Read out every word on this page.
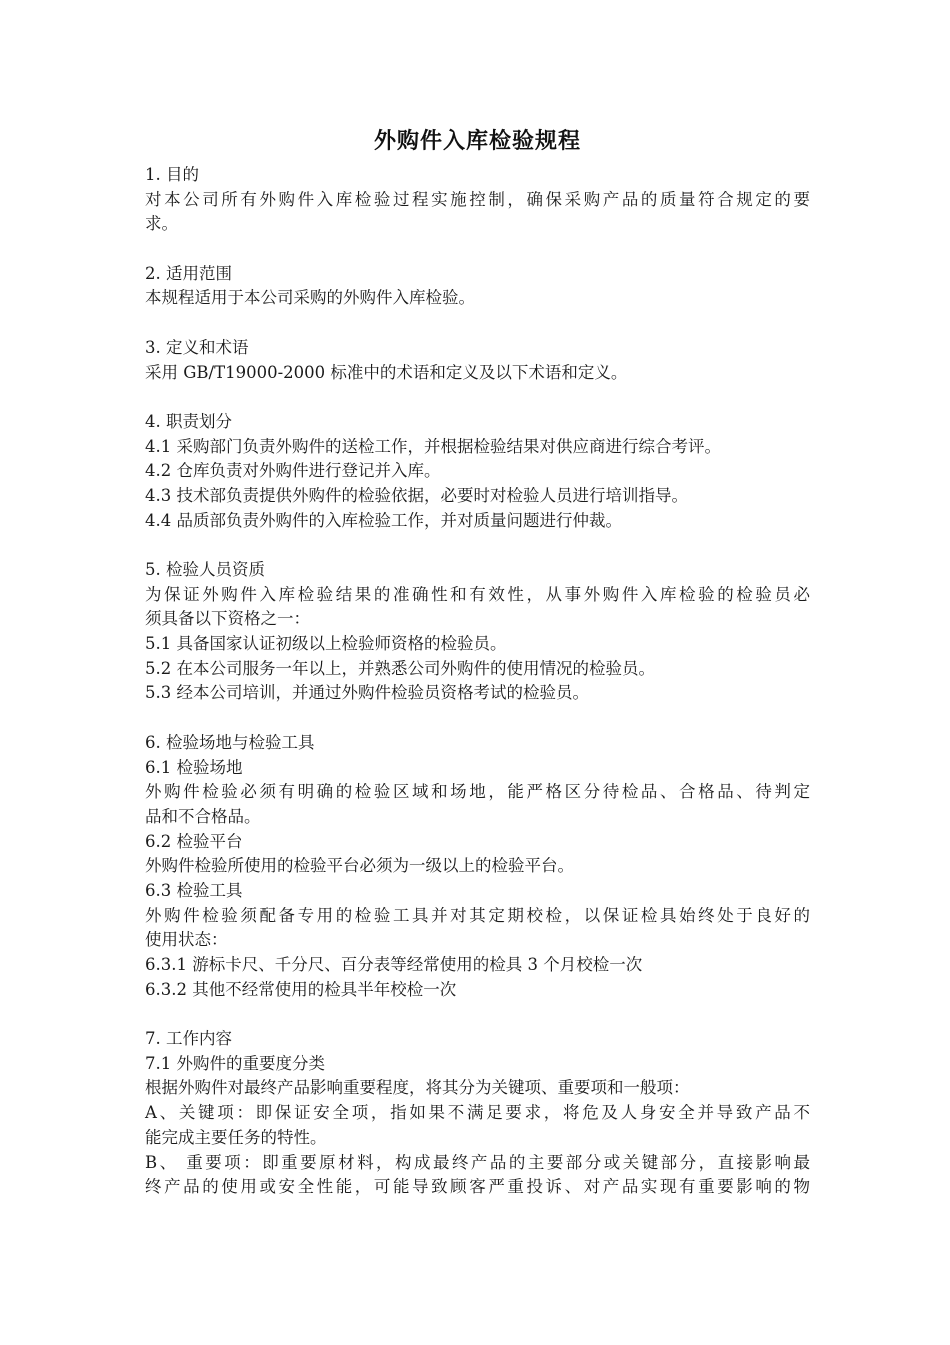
外购件入库检验规程
1. 目的
对本公司所有外购件入库检验过程实施控制，确保采购产品的质量符合规定的要
求。
2. 适用范围
本规程适用于本公司采购的外购件入库检验。
3. 定义和术语
采用 GB/T19000-2000 标准中的术语和定义及以下术语和定义。
4. 职责划分
4.1 采购部门负责外购件的送检工作，并根据检验结果对供应商进行综合考评。
4.2 仓库负责对外购件进行登记并入库。
4.3 技术部负责提供外购件的检验依据，必要时对检验人员进行培训指导。
4.4 品质部负责外购件的入库检验工作，并对质量问题进行仲裁。
5. 检验人员资质
为保证外购件入库检验结果的准确性和有效性，从事外购件入库检验的检验员必
须具备以下资格之一：
5.1 具备国家认证初级以上检验师资格的检验员。
5.2 在本公司服务一年以上，并熟悉公司外购件的使用情况的检验员。
5.3 经本公司培训，并通过外购件检验员资格考试的检验员。
6. 检验场地与检验工具
6.1 检验场地
外购件检验必须有明确的检验区域和场地，能严格区分待检品、合格品、待判定
品和不合格品。
6.2 检验平台
外购件检验所使用的检验平台必须为一级以上的检验平台。
6.3 检验工具
外购件检验须配备专用的检验工具并对其定期校检，以保证检具始终处于良好的
使用状态：
6.3.1 游标卡尺、千分尺、百分表等经常使用的检具 3 个月校检一次
6.3.2 其他不经常使用的检具半年校检一次
7. 工作内容
7.1 外购件的重要度分类
根据外购件对最终产品影响重要程度，将其分为关键项、重要项和一般项：
A、关键项：即保证安全项，指如果不满足要求，将危及人身安全并导致产品不
能完成主要任务的特性。
B、 重要项：即重要原材料，构成最终产品的主要部分或关键部分，直接影响最
终产品的使用或安全性能，可能导致顾客严重投诉、对产品实现有重要影响的物
